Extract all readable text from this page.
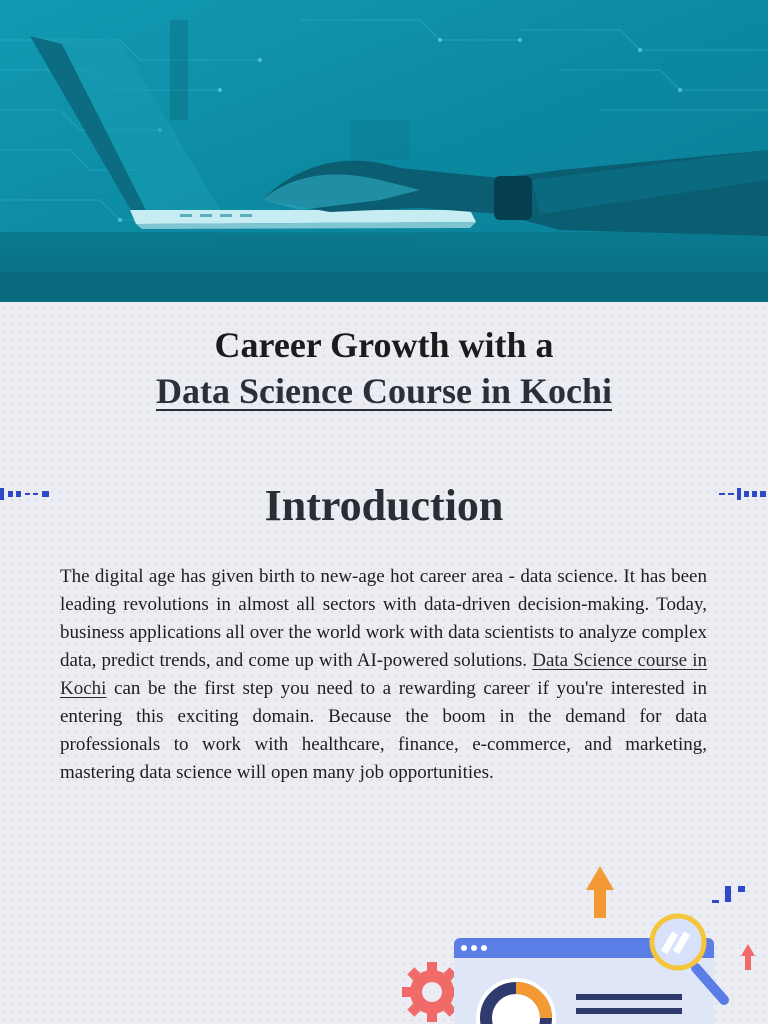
Career Growth with a

Data Science Course in Kochi

Introduction

The digital age has given birth to new-age hot career area - data science. It has been leading revolutions in almost all sectors with data-driven decision-making. Today, business applications all over the world work with data scientists to analyze complex data, predict trends, and come up with AI-powered solutions. Data Science course in Kochi can be the first step you need to a rewarding career if you're interested in entering this exciting domain. Because the boom in the demand for data professionals to work with healthcare, finance, e-commerce, and marketing, mastering data science will open many job opportunities.
